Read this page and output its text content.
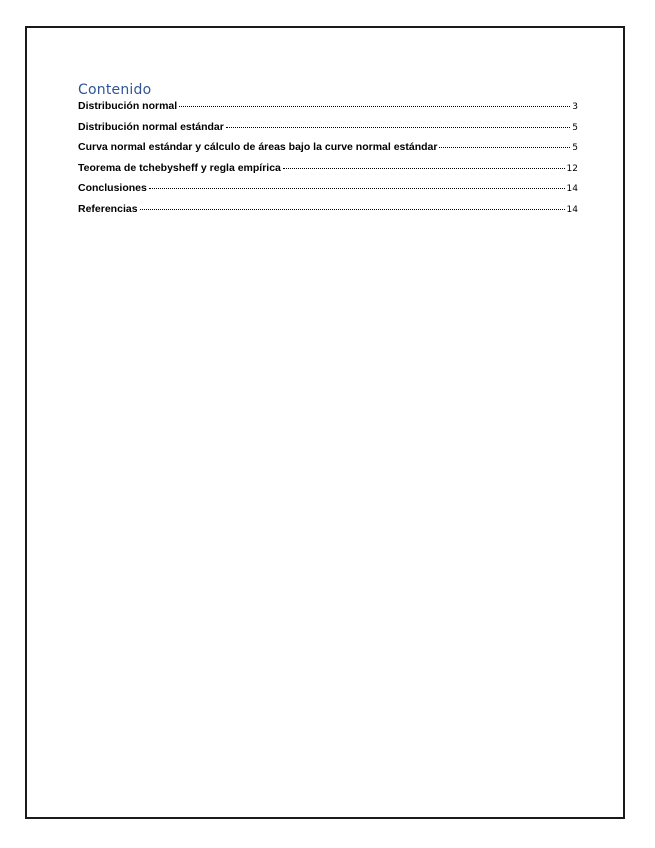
Contenido
Distribución normal	3
Distribución normal estándar	5
Curva normal estándar y cálculo de áreas bajo la curve normal estándar	5
Teorema de tchebysheff y regla empírica	12
Conclusiones	14
Referencias	14
